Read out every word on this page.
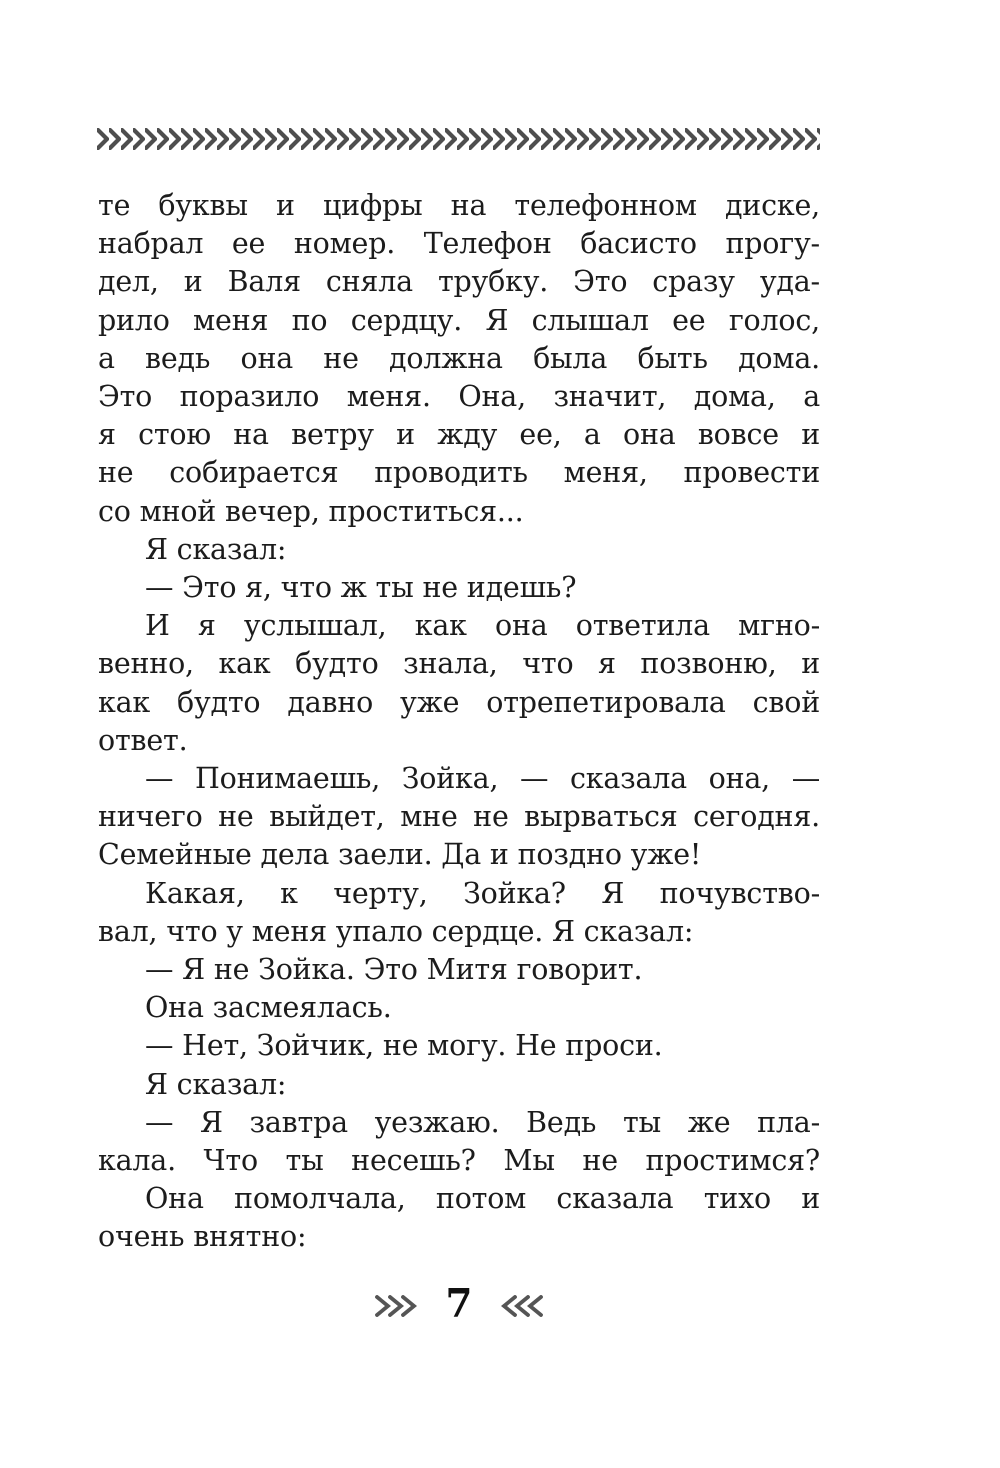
те буквы и цифры на телефонном диске,
набрал ее номер. Телефон басисто прогу-
дел, и Валя сняла трубку. Это сразу уда-
рило меня по сердцу. Я слышал ее голос,
а ведь она не должна была быть дома.
Это поразило меня. Она, значит, дома, а
я стою на ветру и жду ее, а она вовсе и
не собирается проводить меня, провести
со мной вечер, проститься...
Я сказал:
— Это я, что ж ты не идешь?
И я услышал, как она ответила мгно-
венно, как будто знала, что я позвоню, и
как будто давно уже отрепетировала свой
ответ.
— Понимаешь, Зойка, — сказала она, —
ничего не выйдет, мне не вырваться сегодня.
Семейные дела заели. Да и поздно уже!
Какая, к черту, Зойка? Я почувство-
вал, что у меня упало сердце. Я сказал:
— Я не Зойка. Это Митя говорит.
Она засмеялась.
— Нет, Зойчик, не могу. Не проси.
Я сказал:
— Я завтра уезжаю. Ведь ты же пла-
кала. Что ты несешь? Мы не простимся?
Она помолчала, потом сказала тихо и
очень внятно:
7
